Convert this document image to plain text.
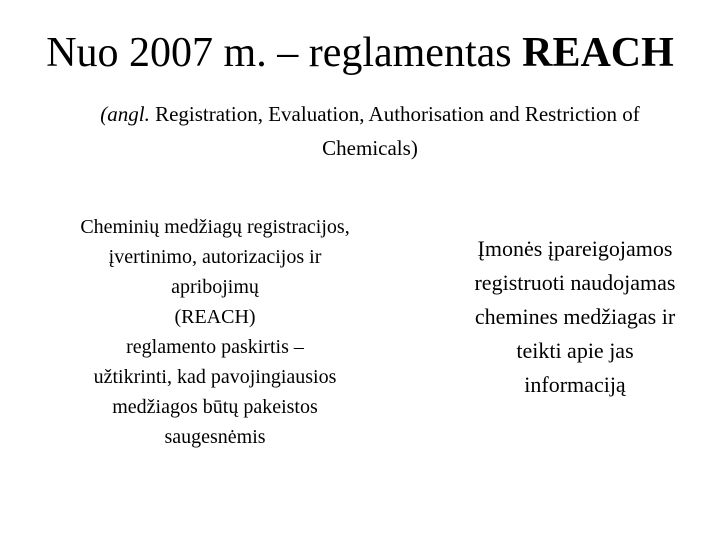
Nuo 2007 m. – reglamentas REACH
(angl. Registration, Evaluation, Authorisation and Restriction of
Chemicals)
Cheminių medžiagų registracijos,
įvertinimo, autorizacijos ir
apribojimų
(REACH)
reglamento paskirtis –
užtikrinti, kad pavojingiausios
medžiagos būtų pakeistos
saugesnėmis
Įmonės įpareigojamos
registruoti naudojamas
chemines medžiagas ir
teikti apie jas
informaciją
